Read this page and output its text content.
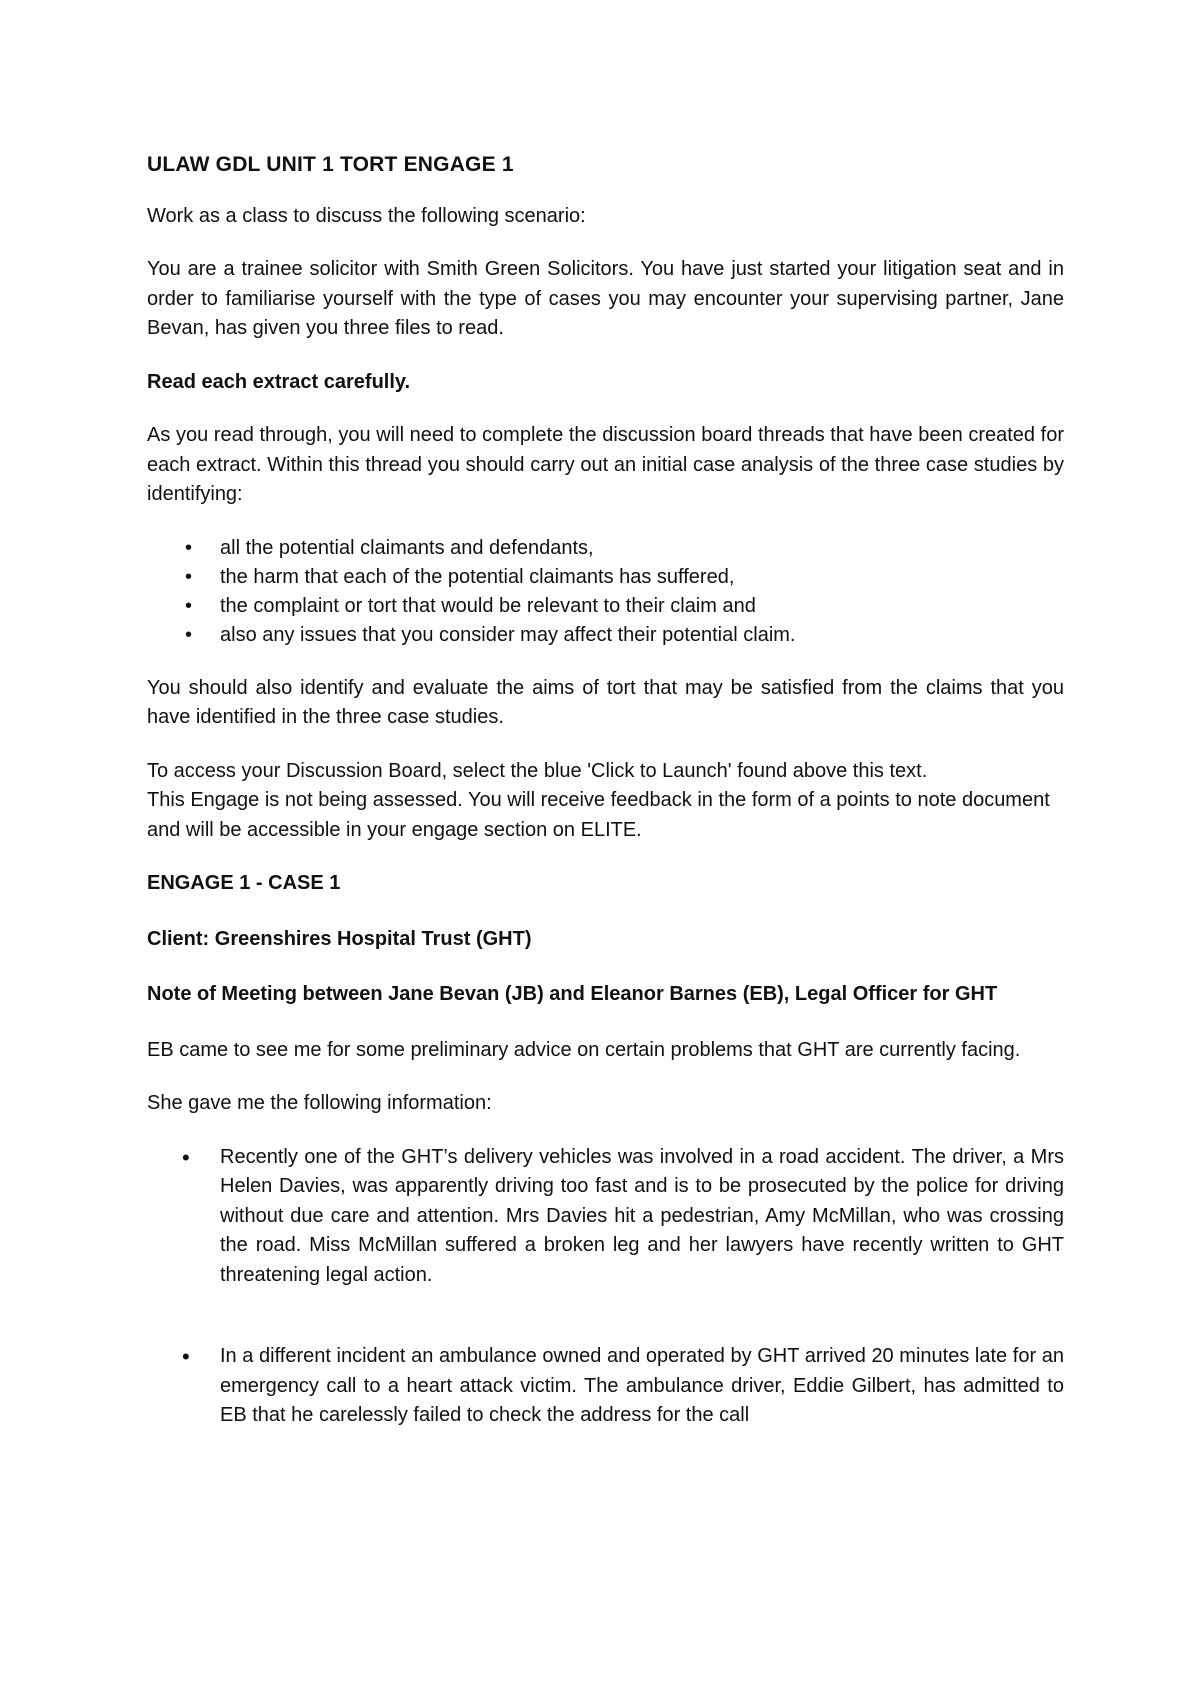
ULAW GDL UNIT 1 TORT ENGAGE 1

Work as a class to discuss the following scenario:

You are a trainee solicitor with Smith Green Solicitors. You have just started your litigation seat and in order to familiarise yourself with the type of cases you may encounter your supervising partner, Jane Bevan, has given you three files to read.

Read each extract carefully.

As you read through, you will need to complete the discussion board threads that have been created for each extract. Within this thread you should carry out an initial case analysis of the three case studies by identifying:

• all the potential claimants and defendants,
• the harm that each of the potential claimants has suffered,
• the complaint or tort that would be relevant to their claim and
• also any issues that you consider may affect their potential claim.

You should also identify and evaluate the aims of tort that may be satisfied from the claims that you have identified in the three case studies.

To access your Discussion Board, select the blue 'Click to Launch' found above this text.

This Engage is not being assessed. You will receive feedback in the form of a points to note document and will be accessible in your engage section on ELITE.

ENGAGE 1 - CASE 1
Client: Greenshires Hospital Trust (GHT)
Note of Meeting between Jane Bevan (JB) and Eleanor Barnes (EB), Legal Officer for GHT

EB came to see me for some preliminary advice on certain problems that GHT are currently facing.

She gave me the following information:

• Recently one of the GHT’s delivery vehicles was involved in a road accident. The driver, a Mrs Helen Davies, was apparently driving too fast and is to be prosecuted by the police for driving without due care and attention. Mrs Davies hit a pedestrian, Amy McMillan, who was crossing the road. Miss McMillan suffered a broken leg and her lawyers have recently written to GHT threatening legal action.
• In a different incident an ambulance owned and operated by GHT arrived 20 minutes late for an emergency call to a heart attack victim. The ambulance driver, Eddie Gilbert, has admitted to EB that he carelessly failed to check the address for the call
